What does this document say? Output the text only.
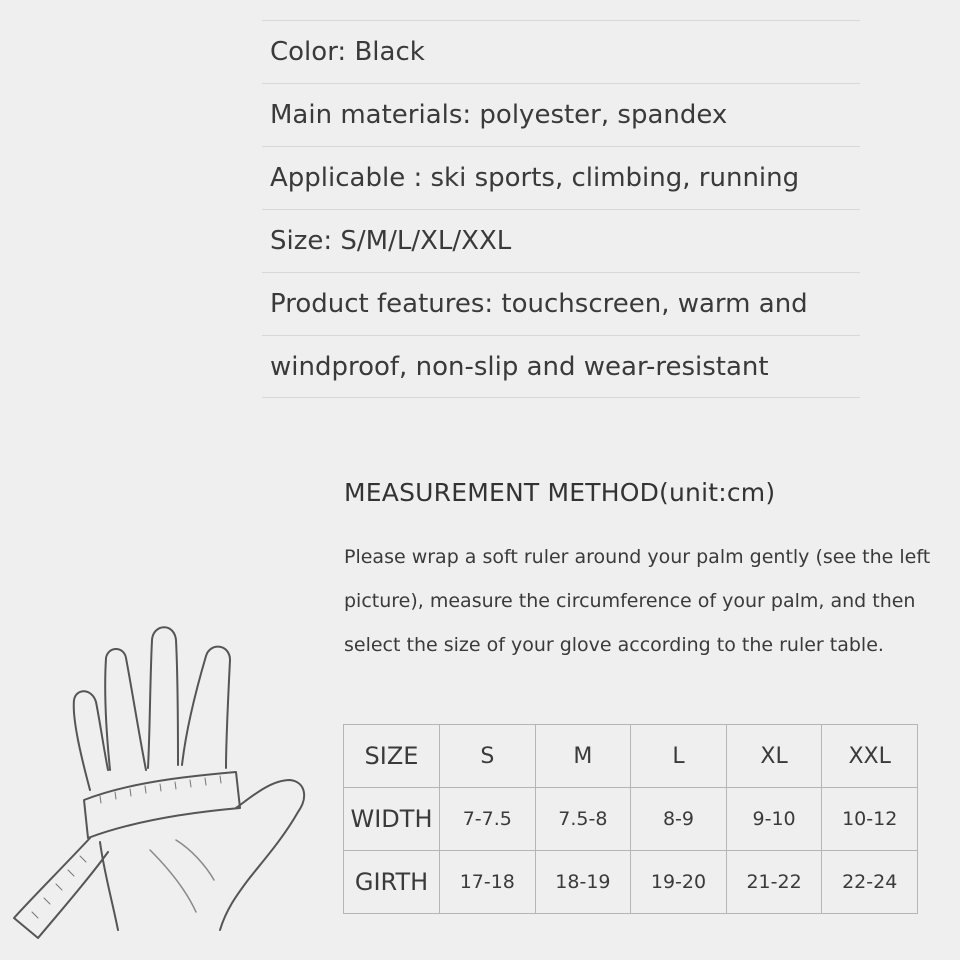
Color: Black
Main materials: polyester, spandex
Applicable : ski sports, climbing, running
Size: S/M/L/XL/XXL
Product features: touchscreen, warm and
windproof, non-slip and wear-resistant
MEASUREMENT METHOD(unit:cm)
Please wrap a soft ruler around your palm gently (see the left picture), measure the circumference of your palm, and then select the size of your glove according to the ruler table.
SIZE	S	M	L	XL	XXL
WIDTH	7-7.5	7.5-8	8-9	9-10	10-12
GIRTH	17-18	18-19	19-20	21-22	22-24
